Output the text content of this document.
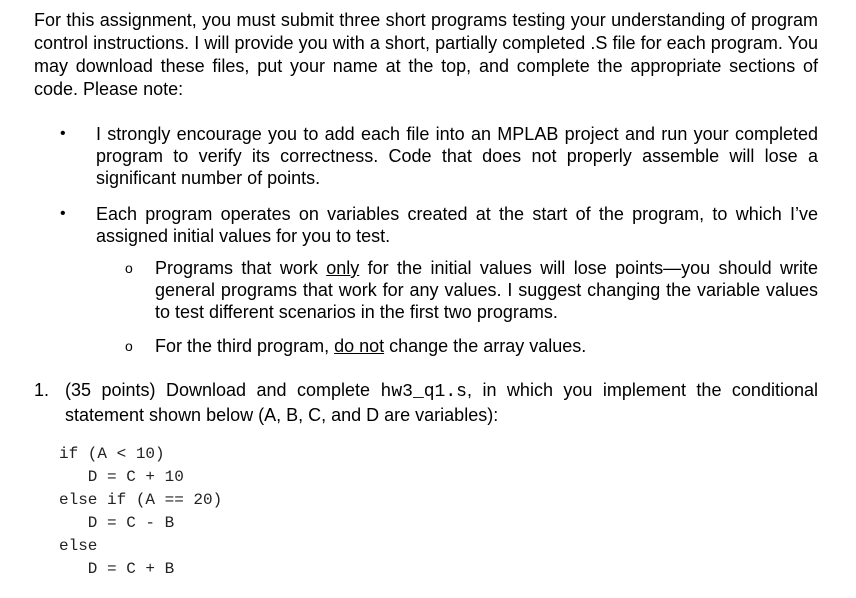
For this assignment, you must submit three short programs testing your understanding of program control instructions. I will provide you with a short, partially completed .S file for each program. You may download these files, put your name at the top, and complete the appropriate sections of code. Please note:

• I strongly encourage you to add each file into an MPLAB project and run your completed program to verify its correctness. Code that does not properly assemble will lose a significant number of points.
• Each program operates on variables created at the start of the program, to which I’ve assigned initial values for you to test.
o Programs that work only for the initial values will lose points—you should write general programs that work for any values. I suggest changing the variable values to test different scenarios in the first two programs.
o For the third program, do not change the array values.

1. (35 points) Download and complete hw3_q1.s, in which you implement the conditional statement shown below (A, B, C, and D are variables):

if (A < 10)
D = C + 10
else if (A == 20)
D = C - B
else
D = C + B
